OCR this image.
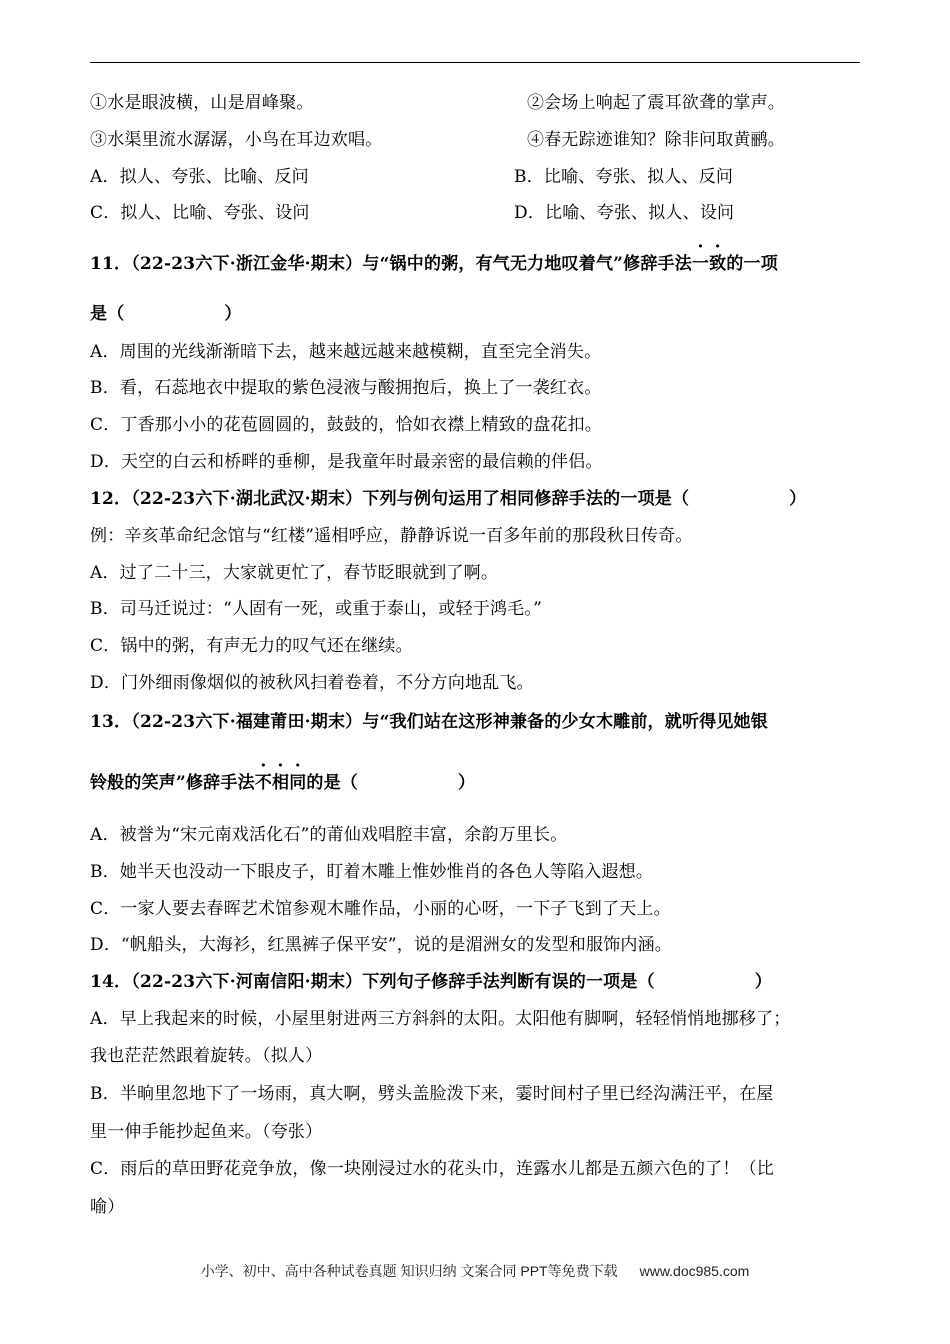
①水是眼波横，山是眉峰聚。	②会场上响起了震耳欲聋的掌声。
③水渠里流水潺潺，小鸟在耳边欢唱。	④春无踪迹谁知？除非问取黄鹂。
A．拟人、夸张、比喻、反问	B．比喻、夸张、拟人、反问
C．拟人、比喻、夸张、设问	D．比喻、夸张、拟人、设问
11．（22-23六下·浙江金华·期末）与“锅中的粥，有气无力地叹着气”修辞手法一致的一项
是（	）
A．周围的光线渐渐暗下去，越来越远越来越模糊，直至完全消失。
B．看，石蕊地衣中提取的紫色浸液与酸拥抱后，换上了一袭红衣。
C．丁香那小小的花苞圆圆的，鼓鼓的，恰如衣襟上精致的盘花扣。
D．天空的白云和桥畔的垂柳，是我童年时最亲密的最信赖的伴侣。
12．（22-23六下·湖北武汉·期末）下列与例句运用了相同修辞手法的一项是（	）
例：辛亥革命纪念馆与“红楼”遥相呼应，静静诉说一百多年前的那段秋日传奇。
A．过了二十三，大家就更忙了，春节眨眼就到了啊。
B．司马迁说过：“人固有一死，或重于泰山，或轻于鸿毛。”
C．锅中的粥，有声无力的叹气还在继续。
D．门外细雨像烟似的被秋风扫着卷着，不分方向地乱飞。
13．（22-23六下·福建莆田·期末）与“我们站在这形神兼备的少女木雕前，就听得见她银
铃般的笑声”修辞手法不相同的是（	）
A．被誉为“宋元南戏活化石”的莆仙戏唱腔丰富，余韵万里长。
B．她半天也没动一下眼皮子，盯着木雕上惟妙惟肖的各色人等陷入遐想。
C．一家人要去春晖艺术馆参观木雕作品，小丽的心呀，一下子飞到了天上。
D．“帆船头，大海衫，红黑裤子保平安”，说的是湄洲女的发型和服饰内涵。
14．（22-23六下·河南信阳·期末）下列句子修辞手法判断有误的一项是（	）
A．早上我起来的时候，小屋里射进两三方斜斜的太阳。太阳他有脚啊，轻轻悄悄地挪移了；
我也茫茫然跟着旋转。（拟人）
B．半晌里忽地下了一场雨，真大啊，劈头盖脸泼下来，霎时间村子里已经沟满汪平，在屋
里一伸手能抄起鱼来。（夸张）
C．雨后的草田野花竞争放，像一块刚浸过水的花头巾，连露水儿都是五颜六色的了！（比
喻）
小学、初中、高中各种试卷真题 知识归纳 文案合同 PPT等免费下载 www.doc985.com
